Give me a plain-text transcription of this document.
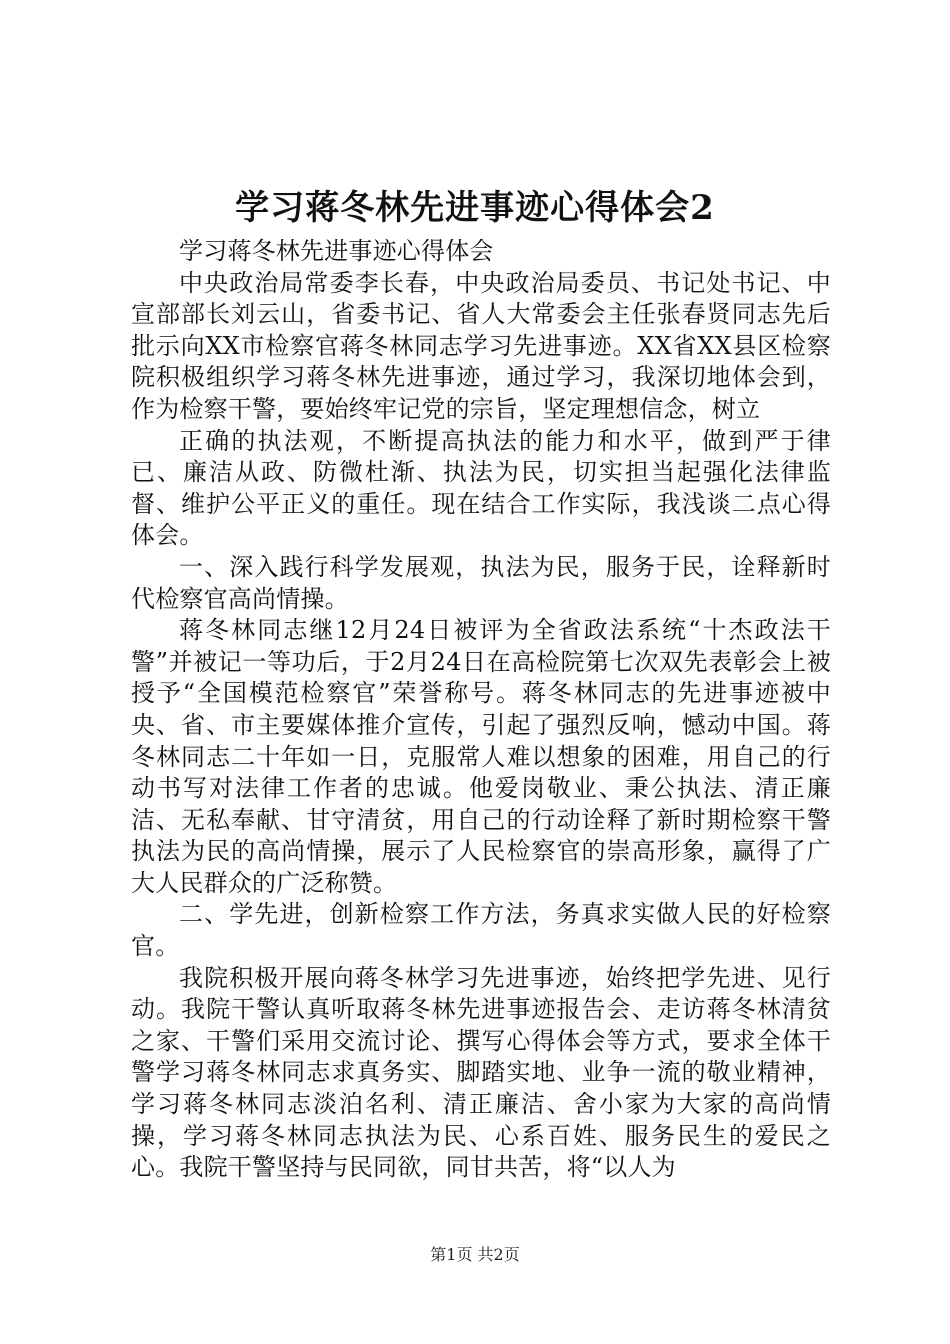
学习蒋冬林先进事迹心得体会2

学习蒋冬林先进事迹心得体会

中央政治局常委李长春，中央政治局委员、书记处书记、中宣部部长刘云山，省委书记、省人大常委会主任张春贤同志先后批示向XX市检察官蒋冬林同志学习先进事迹。XX省XX县区检察院积极组织学习蒋冬林先进事迹，通过学习，我深切地体会到，作为检察干警，要始终牢记党的宗旨，坚定理想信念，树立

正确的执法观，不断提高执法的能力和水平，做到严于律已、廉洁从政、防微杜渐、执法为民，切实担当起强化法律监督、维护公平正义的重任。现在结合工作实际，我浅谈二点心得体会。

一、深入践行科学发展观，执法为民，服务于民，诠释新时代检察官高尚情操。

蒋冬林同志继12月24日被评为全省政法系统“十杰政法干警”并被记一等功后，于2月24日在高检院第七次双先表彰会上被授予“全国模范检察官”荣誉称号。蒋冬林同志的先进事迹被中央、省、市主要媒体推介宣传，引起了强烈反响，憾动中国。蒋冬林同志二十年如一日，克服常人难以想象的困难，用自己的行动书写对法律工作者的忠诚。他爱岗敬业、秉公执法、清正廉洁、无私奉献、甘守清贫，用自己的行动诠释了新时期检察干警执法为民的高尚情操，展示了人民检察官的崇高形象，赢得了广大人民群众的广泛称赞。

二、学先进，创新检察工作方法，务真求实做人民的好检察官。

我院积极开展向蒋冬林学习先进事迹，始终把学先进、见行动。我院干警认真听取蒋冬林先进事迹报告会、走访蒋冬林清贫之家、干警们采用交流讨论、撰写心得体会等方式，要求全体干警学习蒋冬林同志求真务实、脚踏实地、业争一流的敬业精神，学习蒋冬林同志淡泊名利、清正廉洁、舍小家为大家的高尚情操，学习蒋冬林同志执法为民、心系百姓、服务民生的爱民之心。我院干警坚持与民同欲，同甘共苦，将“以人为

第1页 共2页
